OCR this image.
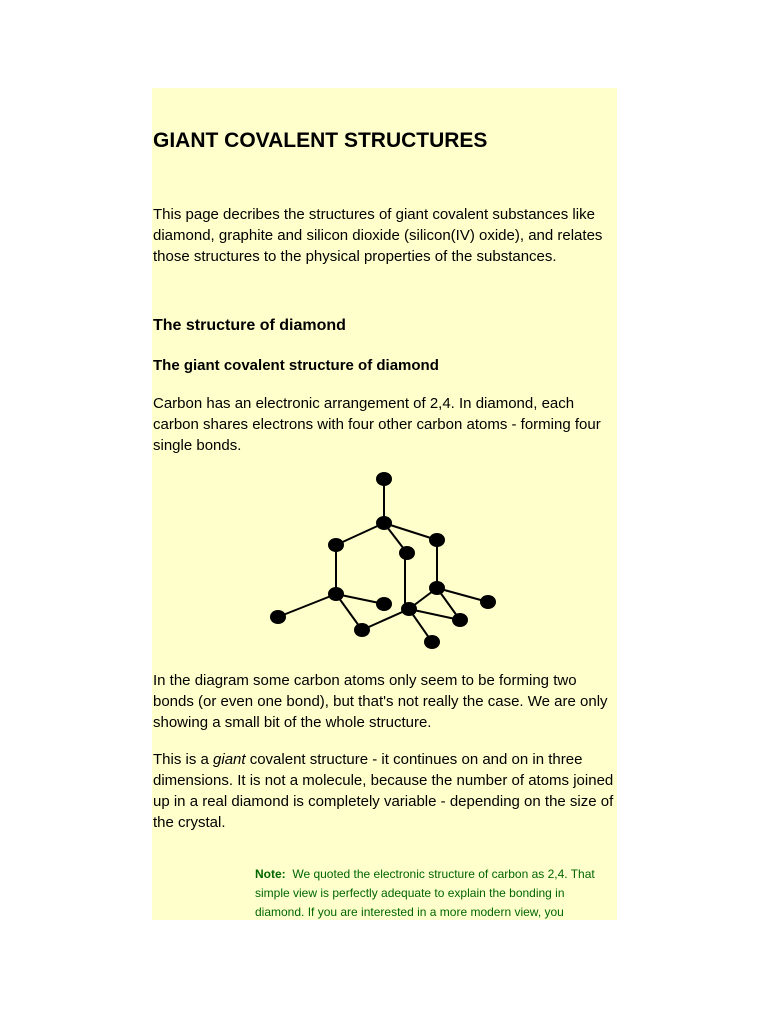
GIANT COVALENT STRUCTURES

This page decribes the structures of giant covalent substances like diamond, graphite and silicon dioxide (silicon(IV) oxide), and relates those structures to the physical properties of the substances.

The structure of diamond
The giant covalent structure of diamond

Carbon has an electronic arrangement of 2,4. In diamond, each carbon shares electrons with four other carbon atoms - forming four single bonds.

In the diagram some carbon atoms only seem to be forming two bonds (or even one bond), but that's not really the case. We are only showing a small bit of the whole structure.

This is a giant covalent structure - it continues on and on in three dimensions. It is not a molecule, because the number of atoms joined up in a real diamond is completely variable - depending on the size of the crystal.

Note: We quoted the electronic structure of carbon as 2,4. That simple view is perfectly adequate to explain the bonding in diamond. If you are interested in a more modern view, you
